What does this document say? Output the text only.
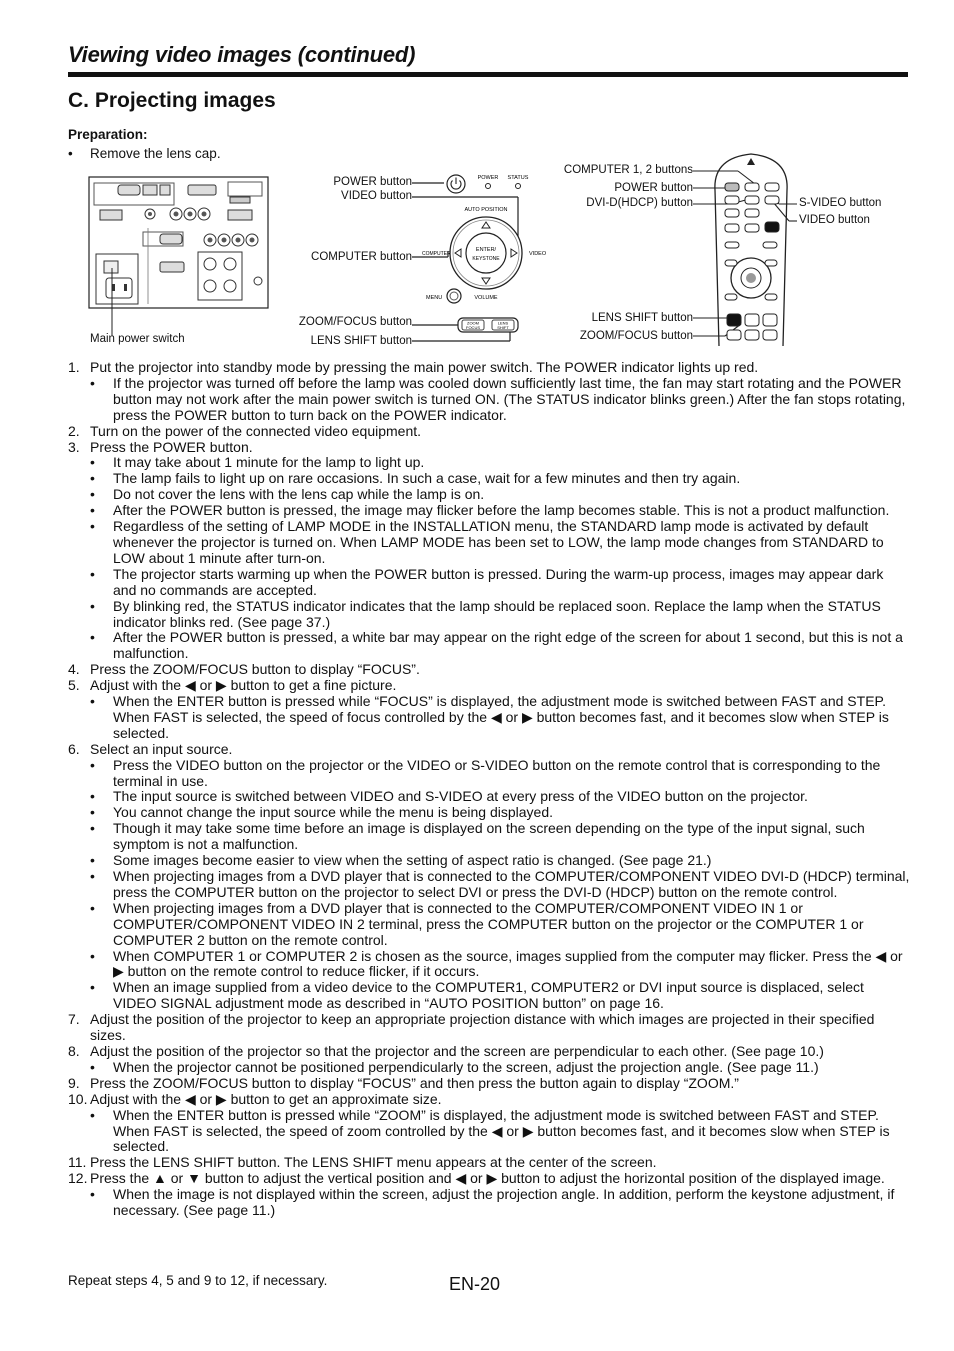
Viewing video images (continued)
C. Projecting images
Preparation:
• Remove the lens cap.
Main power switch
POWER button
VIDEO button
COMPUTER button
ZOOM/FOCUS button
LENS SHIFT button
POWER STATUS
AUTO POSITION
ENTER/
KEYSTONE
COMPUTER	VIDEO
MENU	VOLUME
ZOOM
FOCUS
LENS
SHIFT
COMPUTER 1, 2 buttons
POWER button
DVI-D(HDCP) button	S-VIDEO button
VIDEO button
LENS SHIFT button
ZOOM/FOCUS button
1. Put the projector into standby mode by pressing the main power switch. The POWER indicator lights up red.
•	If the projector was turned off before the lamp was cooled down sufficiently last time, the fan may start rotating and the POWER button may not work after the main power switch is turned ON. (The STATUS indicator blinks green.) After the fan stops rotating, press the POWER button to turn back on the POWER indicator.
2. Turn on the power of the connected video equipment.
3. Press the POWER button.
•	It may take about 1 minute for the lamp to light up.
•	The lamp fails to light up on rare occasions. In such a case, wait for a few minutes and then try again.
•	Do not cover the lens with the lens cap while the lamp is on.
•	After the POWER button is pressed, the image may flicker before the lamp becomes stable. This is not a product malfunction.
•	Regardless of the setting of LAMP MODE in the INSTALLATION menu, the STANDARD lamp mode is activated by default whenever the projector is turned on. When LAMP MODE has been set to LOW, the lamp mode changes from STANDARD to LOW about 1 minute after turn-on.
•	The projector starts warming up when the POWER button is pressed. During the warm-up process, images may appear dark and no commands are accepted.
•	By blinking red, the STATUS indicator indicates that the lamp should be replaced soon. Replace the lamp when the STATUS indicator blinks red. (See page 37.)
•	After the POWER button is pressed, a white bar may appear on the right edge of the screen for about 1 second, but this is not a malfunction.
4. Press the ZOOM/FOCUS button to display “FOCUS”.
5. Adjust with the ◀ or ▶ button to get a fine picture.
•	When the ENTER button is pressed while “FOCUS” is displayed, the adjustment mode is switched between FAST and STEP. When FAST is selected, the speed of focus controlled by the ◀ or ▶ button becomes fast, and it becomes slow when STEP is selected.
6. Select an input source.
•	Press the VIDEO button on the projector or the VIDEO or S-VIDEO button on the remote control that is corresponding to the terminal in use.
•	The input source is switched between VIDEO and S-VIDEO at every press of the VIDEO button on the projector.
•	You cannot change the input source while the menu is being displayed.
•	Though it may take some time before an image is displayed on the screen depending on the type of the input signal, such symptom is not a malfunction.
•	Some images become easier to view when the setting of aspect ratio is changed. (See page 21.)
•	When projecting images from a DVD player that is connected to the COMPUTER/COMPONENT VIDEO DVI-D (HDCP) terminal, press the COMPUTER button on the projector to select DVI or press the DVI-D (HDCP) button on the remote control.
•	When projecting images from a DVD player that is connected to the COMPUTER/COMPONENT VIDEO IN 1 or COMPUTER/COMPONENT VIDEO IN 2 terminal, press the COMPUTER button on the projector or the COMPUTER 1 or COMPUTER 2 button on the remote control.
•	When COMPUTER 1 or COMPUTER 2 is chosen as the source, images supplied from the computer may flicker. Press the ◀ or ▶ button on the remote control to reduce flicker, if it occurs.
•	When an image supplied from a video device to the COMPUTER1, COMPUTER2 or DVI input source is displaced, select VIDEO SIGNAL adjustment mode as described in “AUTO POSITION button” on page 16.
7. Adjust the position of the projector to keep an appropriate projection distance with which images are projected in their specified sizes.
8. Adjust the position of the projector so that the projector and the screen are perpendicular to each other. (See page 10.)
•	When the projector cannot be positioned perpendicularly to the screen, adjust the projection angle. (See page 11.)
9. Press the ZOOM/FOCUS button to display “FOCUS” and then press the button again to display “ZOOM.”
10. Adjust with the ◀ or ▶ button to get an approximate size.
•	When the ENTER button is pressed while “ZOOM” is displayed, the adjustment mode is switched between FAST and STEP. When FAST is selected, the speed of zoom controlled by the ◀ or ▶ button becomes fast, and it becomes slow when STEP is selected.
11. Press the LENS SHIFT button. The LENS SHIFT menu appears at the center of the screen.
12. Press the ▲ or ▼ button to adjust the vertical position and ◀ or ▶ button to adjust the horizontal position of the displayed image.
•	When the image is not displayed within the screen, adjust the projection angle. In addition, perform the keystone adjustment, if necessary. (See page 11.)
Repeat steps 4, 5 and 9 to 12, if necessary.	EN-20
